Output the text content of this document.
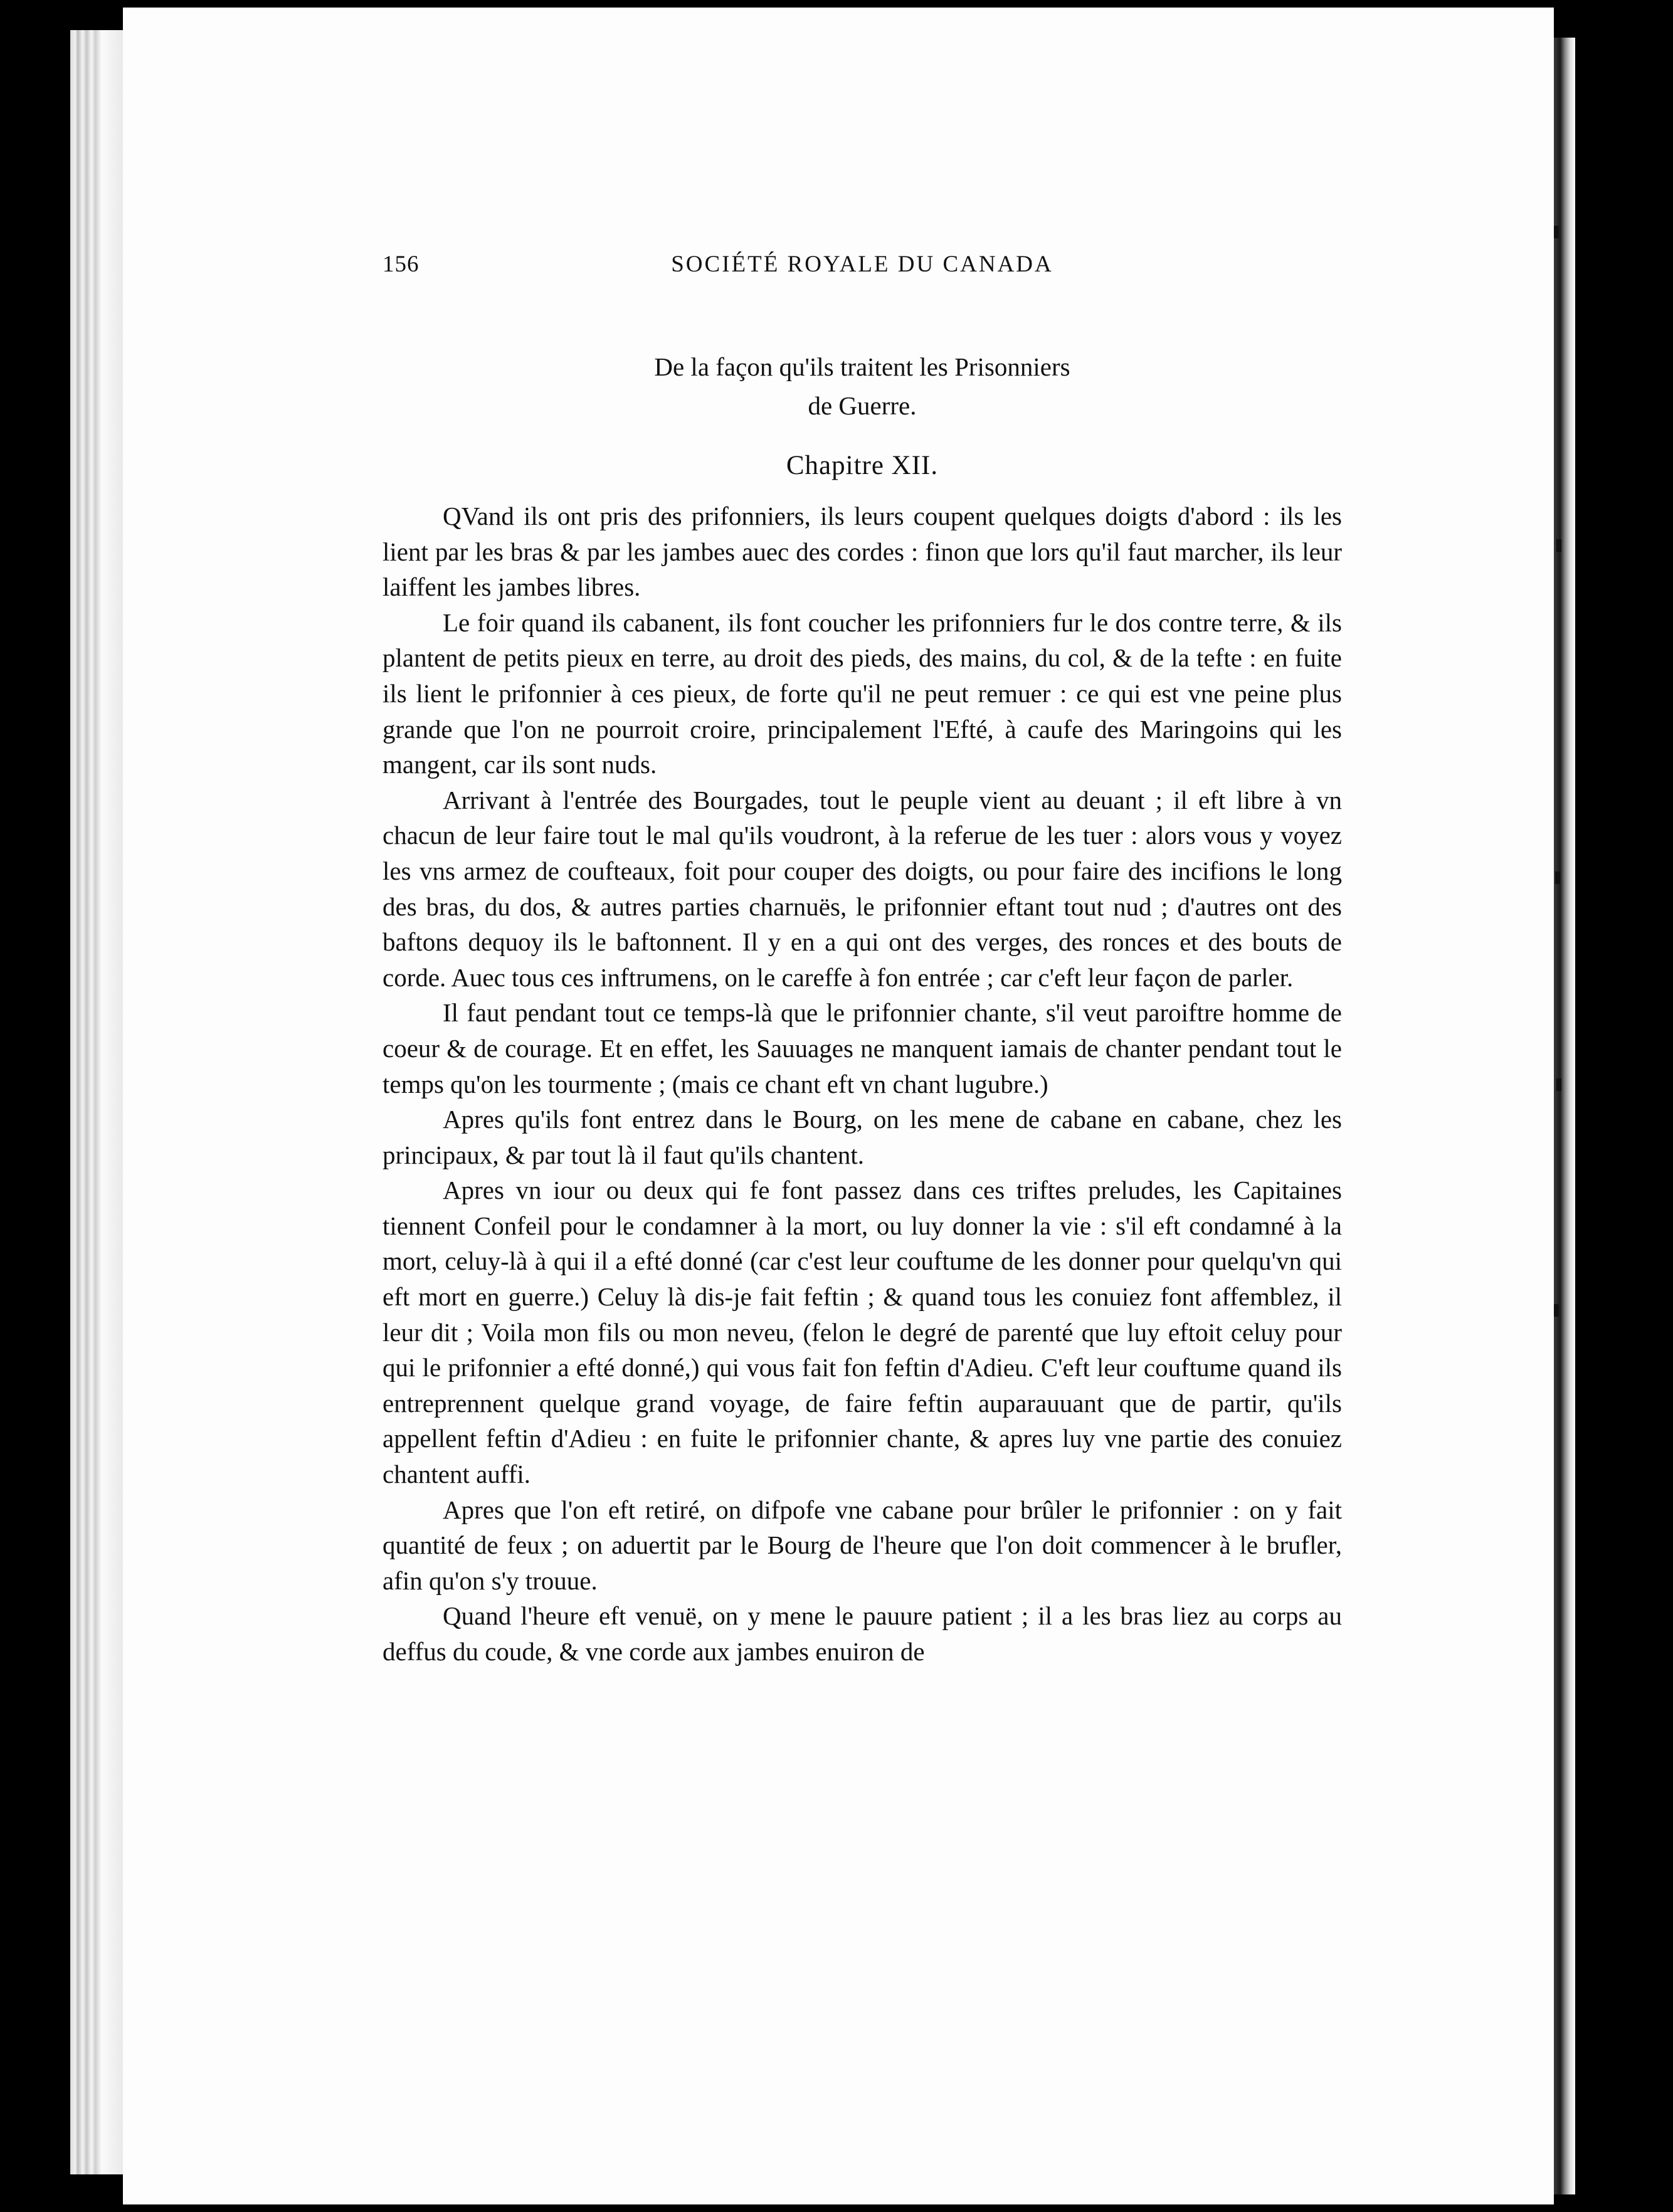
156	SOCIÉTÉ ROYALE DU CANADA
De la façon qu'ils traitent les Prisonniers
de Guerre.
Chapitre XII.

QVand ils ont pris des prifonniers, ils leurs coupent quelques doigts d'abord : ils les lient par les bras & par les jambes auec des cordes : finon que lors qu'il faut marcher, ils leur laiffent les jambes libres.

Le foir quand ils cabanent, ils font coucher les prifonniers fur le dos contre terre, & ils plantent de petits pieux en terre, au droit des pieds, des mains, du col, & de la tefte : en fuite ils lient le prifonnier à ces pieux, de forte qu'il ne peut remuer : ce qui est vne peine plus grande que l'on ne pourroit croire, principalement l'Efté, à caufe des Maringoins qui les mangent, car ils sont nuds.

Arrivant à l'entrée des Bourgades, tout le peuple vient au deuant ; il eft libre à vn chacun de leur faire tout le mal qu'ils voudront, à la referue de les tuer : alors vous y voyez les vns armez de coufteaux, foit pour couper des doigts, ou pour faire des incifions le long des bras, du dos, & autres parties charnuës, le prifonnier eftant tout nud ; d'autres ont des baftons dequoy ils le baftonnent. Il y en a qui ont des verges, des ronces et des bouts de corde. Auec tous ces inftrumens, on le careffe à fon entrée ; car c'eft leur façon de parler.

Il faut pendant tout ce temps-là que le prifonnier chante, s'il veut paroiftre homme de coeur & de courage. Et en effet, les Sauuages ne manquent iamais de chanter pendant tout le temps qu'on les tourmente ; (mais ce chant eft vn chant lugubre.)

Apres qu'ils font entrez dans le Bourg, on les mene de cabane en cabane, chez les principaux, & par tout là il faut qu'ils chantent.

Apres vn iour ou deux qui fe font passez dans ces triftes preludes, les Capitaines tiennent Confeil pour le condamner à la mort, ou luy donner la vie : s'il eft condamné à la mort, celuy-là à qui il a efté donné (car c'est leur couftume de les donner pour quelqu'vn qui eft mort en guerre.) Celuy là dis-je fait feftin ; & quand tous les conuiez font affemblez, il leur dit ; Voila mon fils ou mon neveu, (felon le degré de parenté que luy eftoit celuy pour qui le prifonnier a efté donné,) qui vous fait fon feftin d'Adieu. C'eft leur couftume quand ils entreprennent quelque grand voyage, de faire feftin auparauuant que de partir, qu'ils appellent feftin d'Adieu : en fuite le prifonnier chante, & apres luy vne partie des conuiez chantent auffi.

Apres que l'on eft retiré, on difpofe vne cabane pour brûler le prifonnier : on y fait quantité de feux ; on aduertit par le Bourg de l'heure que l'on doit commencer à le brufler, afin qu'on s'y trouue.

Quand l'heure eft venuë, on y mene le pauure patient ; il a les bras liez au corps au deffus du coude, & vne corde aux jambes enuiron de
